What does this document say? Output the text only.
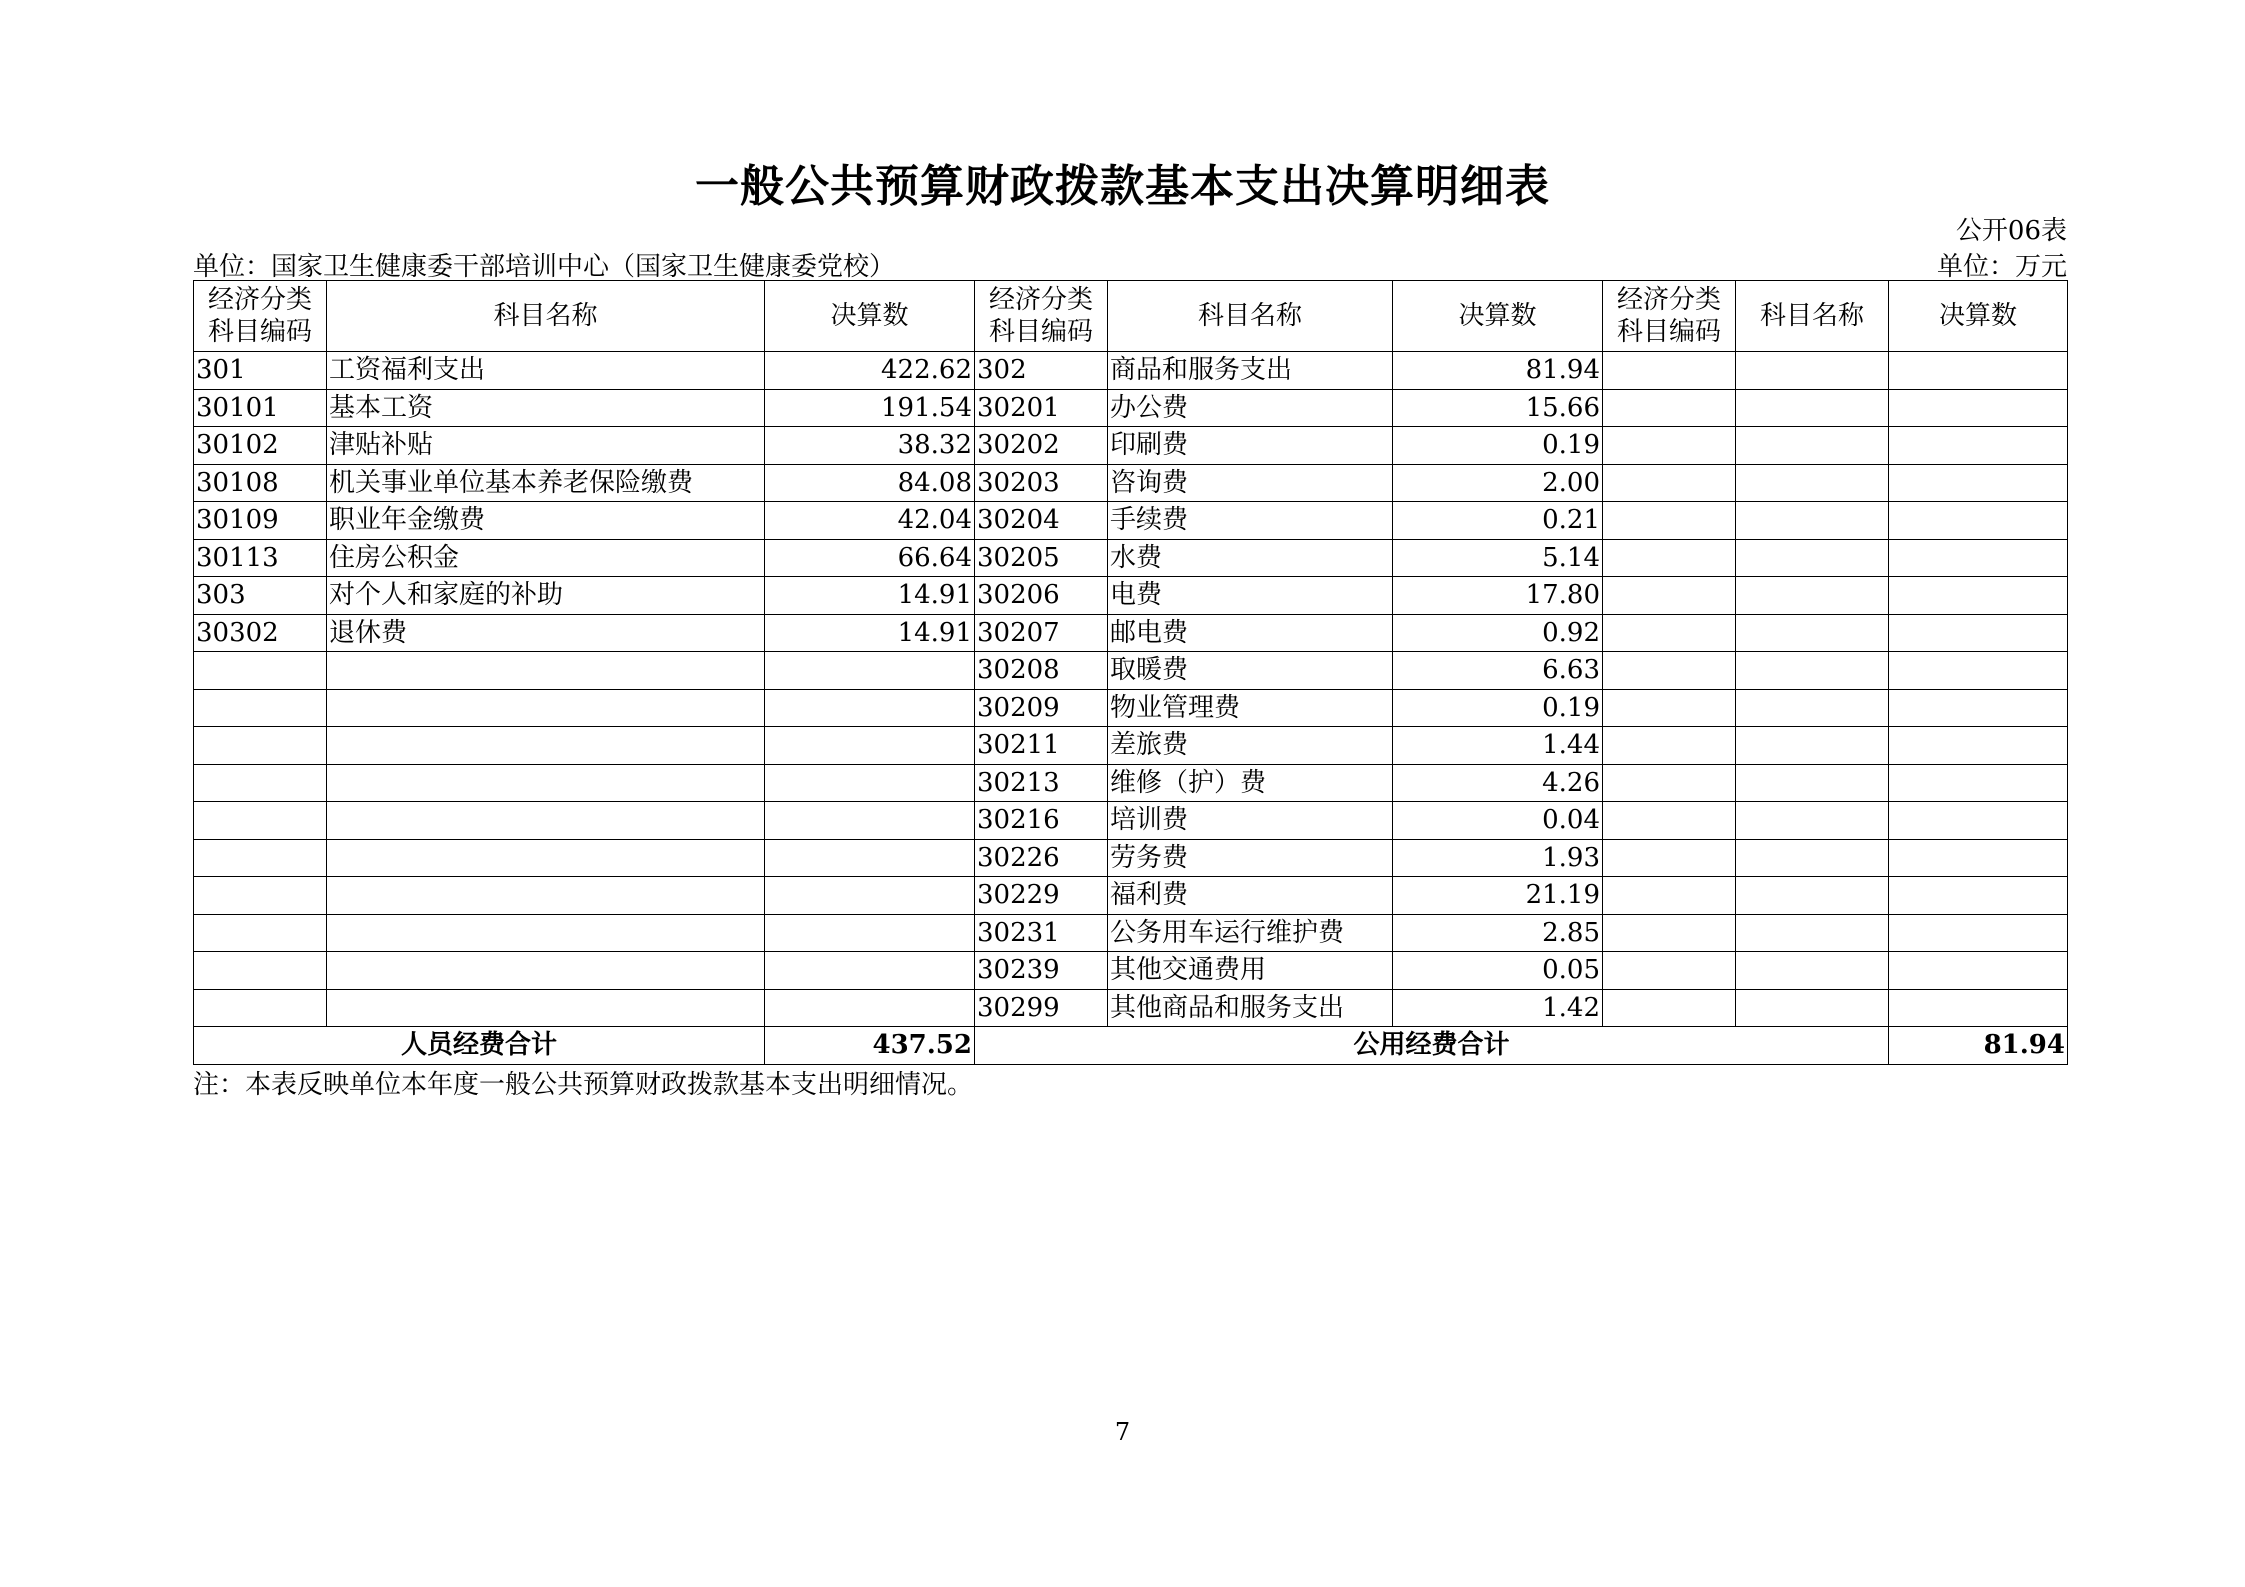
一般公共预算财政拨款基本支出决算明细表
公开06表
单位：国家卫生健康委干部培训中心（国家卫生健康委党校）	单位：万元
经济分类科目编码	科目名称	决算数	经济分类科目编码	科目名称	决算数	经济分类科目编码	科目名称	决算数
301	工资福利支出	422.62	302	商品和服务支出	81.94			
30101	基本工资	191.54	30201	办公费	15.66			
30102	津贴补贴	38.32	30202	印刷费	0.19			
30108	机关事业单位基本养老保险缴费	84.08	30203	咨询费	2.00			
30109	职业年金缴费	42.04	30204	手续费	0.21			
30113	住房公积金	66.64	30205	水费	5.14			
303	对个人和家庭的补助	14.91	30206	电费	17.80			
30302	退休费	14.91	30207	邮电费	0.92			
			30208	取暖费	6.63			
			30209	物业管理费	0.19			
			30211	差旅费	1.44			
			30213	维修（护）费	4.26			
			30216	培训费	0.04			
			30226	劳务费	1.93			
			30229	福利费	21.19			
			30231	公务用车运行维护费	2.85			
			30239	其他交通费用	0.05			
			30299	其他商品和服务支出	1.42			
人员经费合计		437.52	公用经费合计					81.94
注：本表反映单位本年度一般公共预算财政拨款基本支出明细情况。
7
